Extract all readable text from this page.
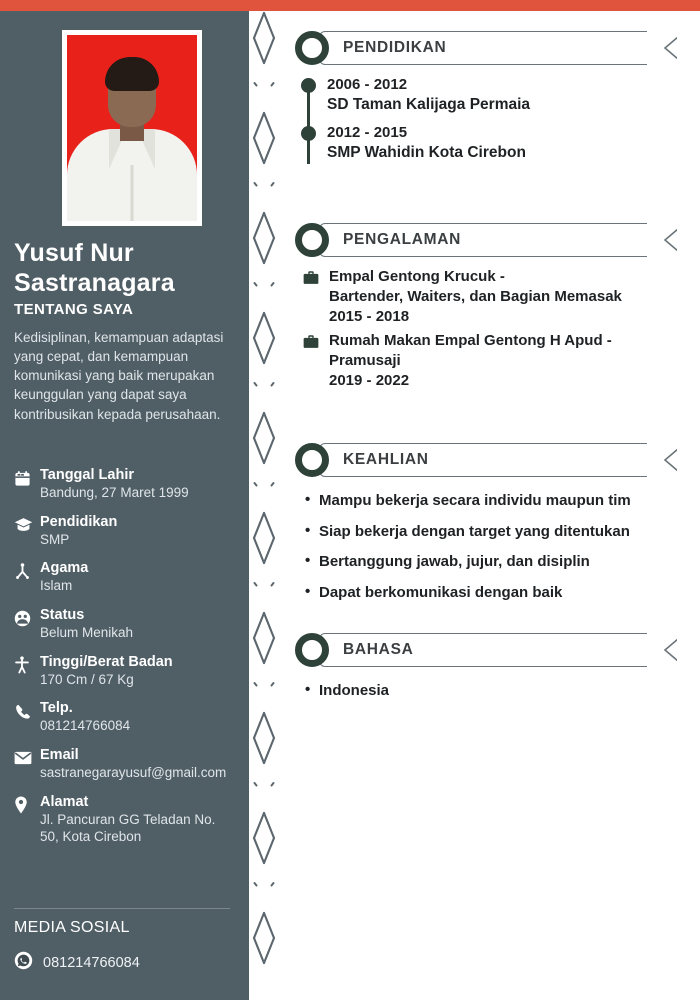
Yusuf Nur Sastranagara
TENTANG SAYA
Kedisiplinan, kemampuan adaptasi yang cepat, dan kemampuan komunikasi yang baik merupakan keunggulan yang dapat saya kontribusikan kepada perusahaan.
Tanggal Lahir
Bandung, 27 Maret 1999
Pendidikan
SMP
Agama
Islam
Status
Belum Menikah
Tinggi/Berat Badan
170 Cm / 67 Kg
Telp.
081214766084
Email
sastranegarayusuf@gmail.com
Alamat
Jl. Pancuran GG Teladan No. 50, Kota Cirebon
MEDIA SOSIAL
081214766084
PENDIDIKAN
2006 - 2012
SD Taman Kalijaga Permaia
2012 - 2015
SMP Wahidin Kota Cirebon
PENGALAMAN
Empal Gentong Krucuk -
Bartender, Waiters, dan Bagian Memasak
2015 - 2018
Rumah Makan Empal Gentong H Apud -
Pramusaji
2019 - 2022
KEAHLIAN
• Mampu bekerja secara individu maupun tim
• Siap bekerja dengan target yang ditentukan
• Bertanggung jawab, jujur, dan disiplin
• Dapat berkomunikasi dengan baik
BAHASA
• Indonesia
